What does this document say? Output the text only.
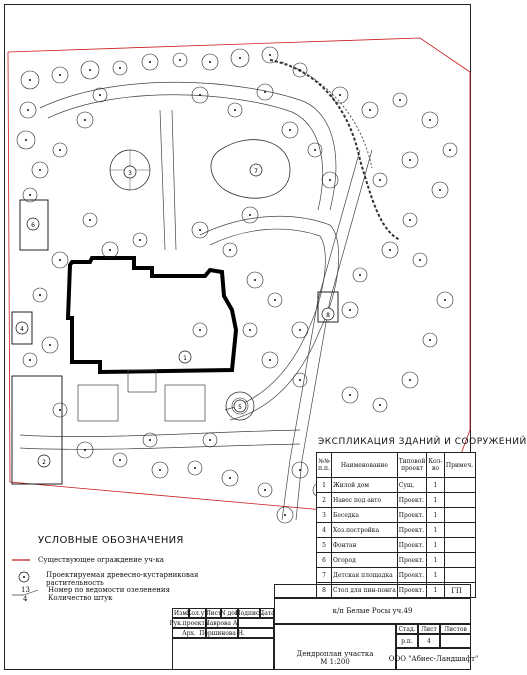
1
2
3
4
5
6
7
8
ЭКСПЛИКАЦИЯ ЗДАНИЙ И СООРУЖЕНИЙ
№№ п.п.	Наименование	Типовой проект	Кол-во	Примеч.
1	Жилой дом	Сущ.	1	
2	Навес под авто	Проект.	1	
3	Беседка	Проект.	1	
4	Хоз.постройка	Проект.	1	
5	Фонтан	Проект.	1	
6	Огород	Проект.	1	
7	Детская площадка	Проект.	1	
8	Стол для пин-понга	Проект.	1	
УСЛОВНЫЕ ОБОЗНАЧЕНИЯ
Существующее ограждение уч-ка
Проектируемая древесно-кустарниковая
растительность
13
4
Номер по ведомости озеленения
Количество штук
ГП
к/п Белые Росы уч.49
Изм Кол.уч
Лист N док
Подпись
Дата
Рук.проекта
Лаврова А.
Арх. Першинова Н.
Дендроплан участка
М 1:200
Стад. Лист	Листов
р.п.	4
ООО "Абиес-Ландшафт"
